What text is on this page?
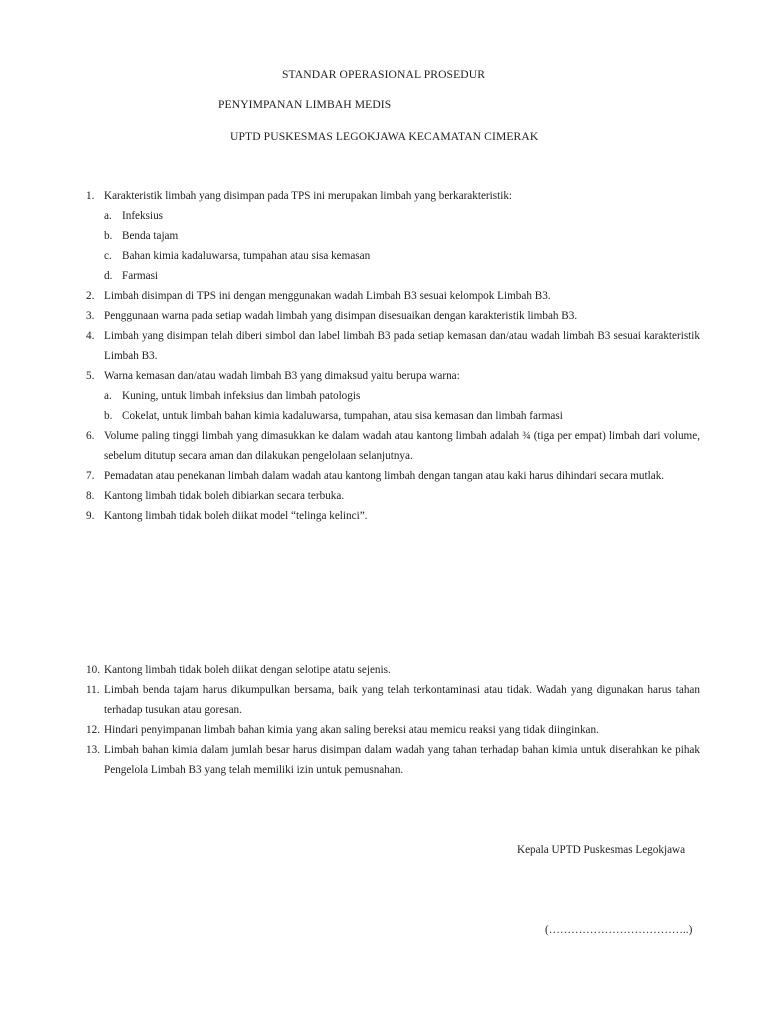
STANDAR OPERASIONAL PROSEDUR
PENYIMPANAN LIMBAH MEDIS
UPTD PUSKESMAS LEGOKJAWA KECAMATAN CIMERAK
1. Karakteristik limbah yang disimpan pada TPS ini merupakan limbah yang berkarakteristik:
a. Infeksius
b. Benda tajam
c. Bahan kimia kadaluwarsa, tumpahan atau sisa kemasan
d. Farmasi
2. Limbah disimpan di TPS ini dengan menggunakan wadah Limbah B3 sesuai kelompok Limbah B3.
3. Penggunaan warna pada setiap wadah limbah yang disimpan disesuaikan dengan karakteristik limbah B3.
4. Limbah yang disimpan telah diberi simbol dan label limbah B3 pada setiap kemasan dan/atau wadah limbah B3 sesuai karakteristik Limbah B3.
5. Warna kemasan dan/atau wadah limbah B3 yang dimaksud yaitu berupa warna:
a. Kuning, untuk limbah infeksius dan limbah patologis
b. Cokelat, untuk limbah bahan kimia kadaluwarsa, tumpahan, atau sisa kemasan dan limbah farmasi
6. Volume paling tinggi limbah yang dimasukkan ke dalam wadah atau kantong limbah adalah ¾ (tiga per empat) limbah dari volume, sebelum ditutup secara aman dan dilakukan pengelolaan selanjutnya.
7. Pemadatan atau penekanan limbah dalam wadah atau kantong limbah dengan tangan atau kaki harus dihindari secara mutlak.
8. Kantong limbah tidak boleh dibiarkan secara terbuka.
9. Kantong limbah tidak boleh diikat model “telinga kelinci”.
10. Kantong limbah tidak boleh diikat dengan selotipe atatu sejenis.
11. Limbah benda tajam harus dikumpulkan bersama, baik yang telah terkontaminasi atau tidak. Wadah yang digunakan harus tahan terhadap tusukan atau goresan.
12. Hindari penyimpanan limbah bahan kimia yang akan saling bereksi atau memicu reaksi yang tidak diinginkan.
13. Limbah bahan kimia dalam jumlah besar harus disimpan dalam wadah yang tahan terhadap bahan kimia untuk diserahkan ke pihak Pengelola Limbah B3 yang telah memiliki izin untuk pemusnahan.
Kepala UPTD Puskesmas Legokjawa
(………………………………..)
